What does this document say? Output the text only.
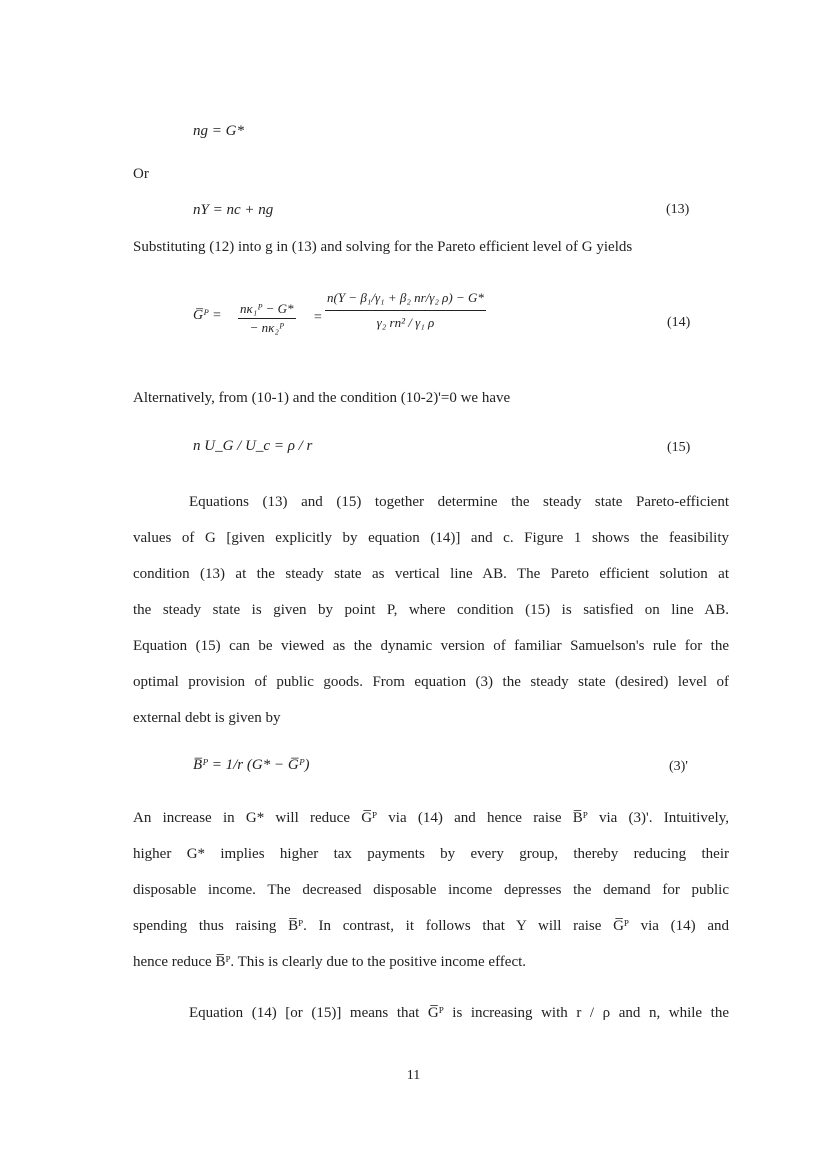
ng = G*
Or
nY = nc + ng	(13)
Substituting (12) into g in (13) and solving for the Pareto efficient level of G yields
G̅ᴾ = $\frac{\text{nκ₁ᴾ − G*}}{\text{− nκ₂ᴾ}} = \frac{\text{n(Y − β₁/γ₁ + β₂ nr/γ₂ ρ) − G*}}{\text{γ₂ rn² / γ₁ ρ}}$	(14)
Alternatively, from (10-1) and the condition (10-2)'=0 we have
n U_G / U_c = ρ / r	(15)
Equations (13) and (15) together determine the steady state Pareto-efficient
values of G [given explicitly by equation (14)] and c. Figure 1 shows the feasibility
condition (13) at the steady state as vertical line AB. The Pareto efficient solution at
the steady state is given by point P, where condition (15) is satisfied on line AB.
Equation (15) can be viewed as the dynamic version of familiar Samuelson's rule for the
optimal provision of public goods. From equation (3) the steady state (desired) level of
external debt is given by
B̅ᴾ = 1/r (G* − G̅ᴾ)	(3)'
An increase in G* will reduce G̅ᴾ via (14) and hence raise B̅ᴾ via (3)'. Intuitively,
higher G* implies higher tax payments by every group, thereby reducing their
disposable income. The decreased disposable income depresses the demand for public
spending thus raising B̅ᴾ. In contrast, it follows that Y will raise G̅ᴾ via (14) and
hence reduce B̅ᴾ. This is clearly due to the positive income effect.
Equation (14) [or (15)] means that G̅ᴾ is increasing with r / ρ and n, while the
11
